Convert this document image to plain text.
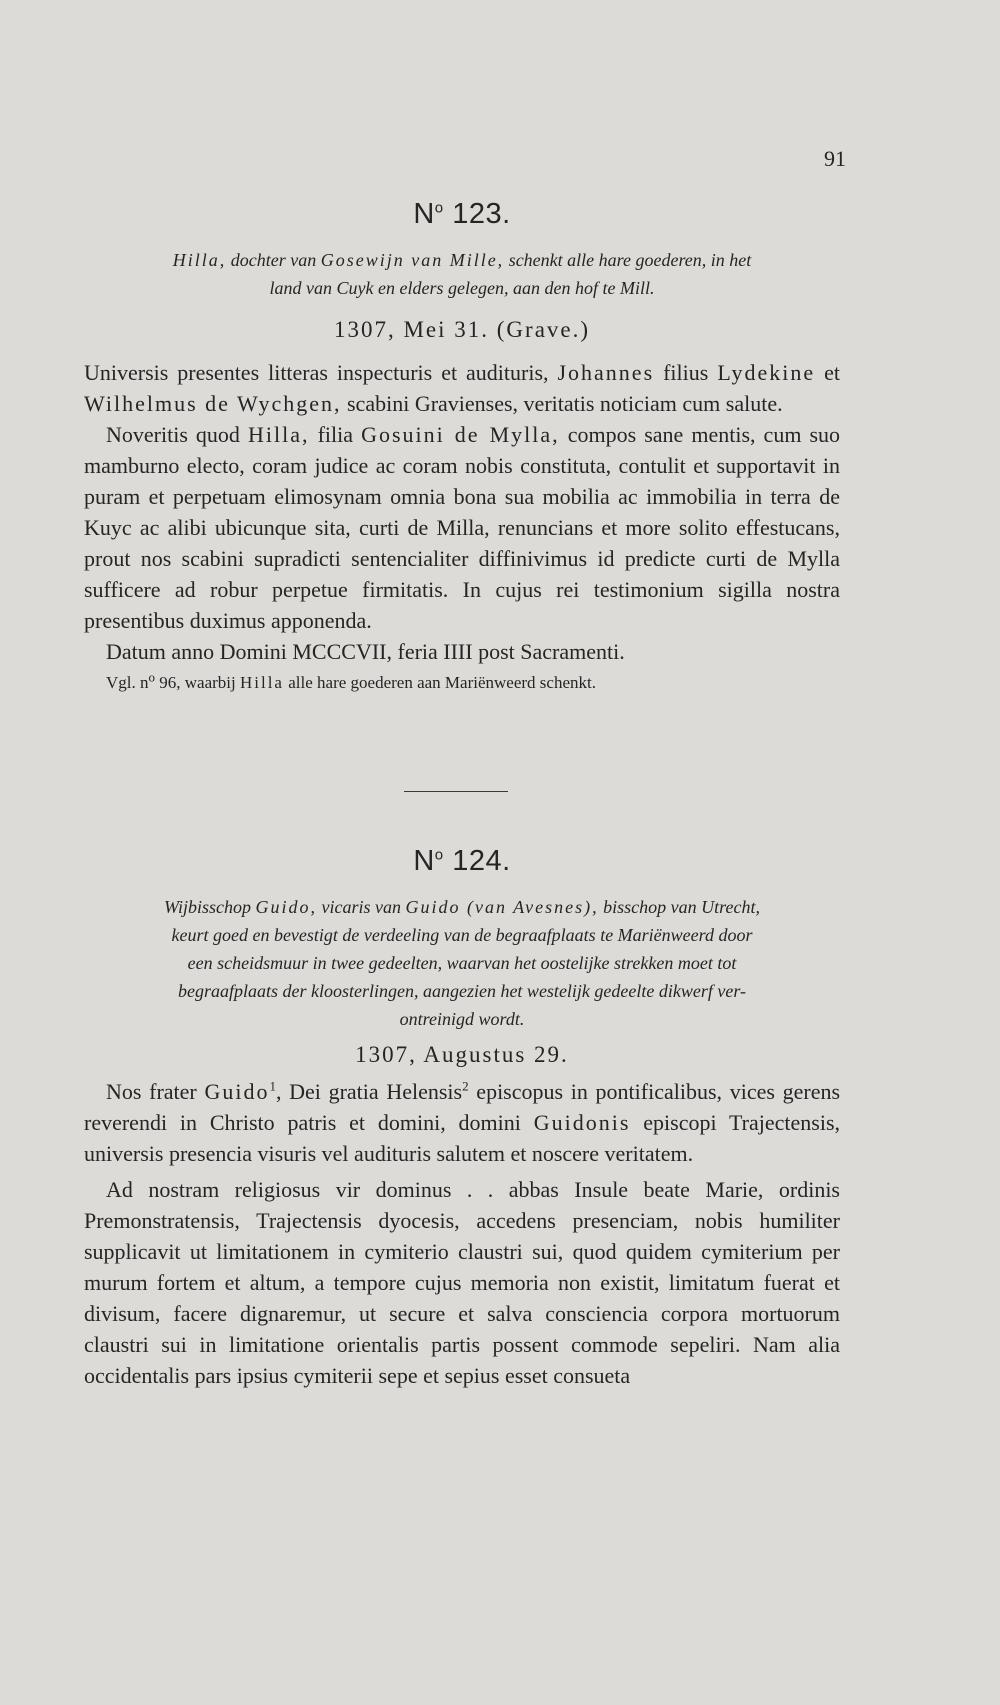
91
$N^o$ 123.
Hilla, dochter van Gosewijn van Mille, schenkt alle hare goederen, in het
land van Cuyk en elders gelegen, aan den hof te Mill.
1307, Mei 31. (Grave.)

Universis presentes litteras inspecturis et audituris, Johannes filius Lydekine et Wilhelmus de Wychgen, scabini Gravienses, veritatis noticiam cum salute.

Noveritis quod Hilla, filia Gosuini de Mylla, compos sane mentis, cum suo mamburno electo, coram judice ac coram nobis constituta, contulit et supportavit in puram et perpetuam elimosynam omnia bona sua mobilia ac immobilia in terra de Kuyc ac alibi ubicunque sita, curti de Milla, renuncians et more solito effestucans, prout nos scabini supradicti sentencialiter diffinivimus id predicte curti de Mylla sufficere ad robur perpetue firmitatis. In cujus rei testimonium sigilla nostra presentibus duximus apponenda.

Datum anno Domini MCCCVII, feria IIII post Sacramenti.

Vgl. $n^o$ 96, waarbij Hilla alle hare goederen aan Mariënweerd schenkt.
$N^o$ 124.
Wijbisschop Guido, vicaris van Guido (van Avesnes), bisschop van Utrecht,
keurt goed en bevestigt de verdeeling van de begraafplaats te Mariënweerd door
een scheidsmuur in twee gedeelten, waarvan het oostelijke strekken moet tot
begraafplaats der kloosterlingen, aangezien het westelijk gedeelte dikwerf ver-
ontreinigd wordt.
1307, Augustus 29.

Nos frater Guido$^1$, Dei gratia Helensis$^2$ episcopus in pontificalibus, vices gerens reverendi in Christo patris et domini, domini Guidonis episcopi Trajectensis, universis presencia visuris vel audituris salutem et noscere veritatem.

Ad nostram religiosus vir dominus . . abbas Insule beate Marie, ordinis Premonstratensis, Trajectensis dyocesis, accedens presenciam, nobis humiliter supplicavit ut limitationem in cymiterio claustri sui, quod quidem cymiterium per murum fortem et altum, a tempore cujus memoria non existit, limitatum fuerat et divisum, facere dignaremur, ut secure et salva consciencia corpora mortuorum claustri sui in limitatione orientalis partis possent commode sepeliri. Nam alia occidentalis pars ipsius cymiterii sepe et sepius esset consueta
